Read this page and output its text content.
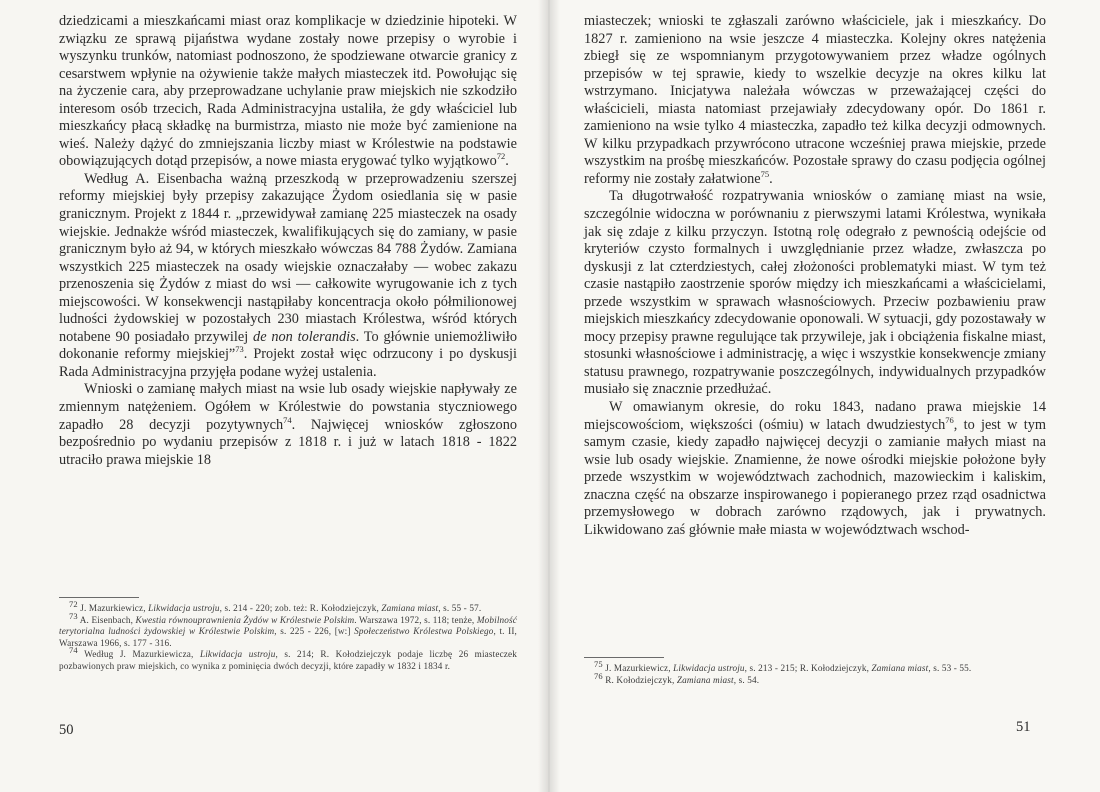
dziedzicami a mieszkańcami miast oraz komplikacje w dziedzinie hipoteki. W związku ze sprawą pijaństwa wydane zostały nowe przepisy o wyrobie i wyszynku trunków, natomiast podnoszono, że spodziewane otwarcie granicy z cesarstwem wpłynie na ożywienie także małych miasteczek itd. Powołując się na życzenie cara, aby przeprowadzane uchylanie praw miejskich nie szkodziło interesom osób trzecich, Rada Administracyjna ustaliła, że gdy właściciel lub mieszkańcy płacą składkę na burmistrza, miasto nie może być zamienione na wieś. Należy dążyć do zmniejszania liczby miast w Królestwie na podstawie obowiązujących dotąd przepisów, a nowe miasta erygować tylko wyjątkowo$^{72}$.

Według A. Eisenbacha ważną przeszkodą w przeprowadzeniu szerszej reformy miejskiej były przepisy zakazujące Żydom osiedlania się w pasie granicznym. Projekt z 1844 r. „przewidywał zamianę 225 miasteczek na osady wiejskie. Jednakże wśród miasteczek, kwalifikujących się do zamiany, w pasie granicznym było aż 94, w których mieszkało wówczas 84 788 Żydów. Zamiana wszystkich 225 miasteczek na osady wiejskie oznaczałaby — wobec zakazu przenoszenia się Żydów z miast do wsi — całkowite wyrugowanie ich z tych miejscowości. W konsekwencji nastąpiłaby koncentracja około półmilionowej ludności żydowskiej w pozostałych 230 miastach Królestwa, wśród których notabene 90 posiadało przywilej de non tolerandis. To głównie uniemożliwiło dokonanie reformy miejskiej”$^{73}$. Projekt został więc odrzucony i po dyskusji Rada Administracyjna przyjęła podane wyżej ustalenia.

Wnioski o zamianę małych miast na wsie lub osady wiejskie napływały ze zmiennym natężeniem. Ogółem w Królestwie do powstania styczniowego zapadło 28 decyzji pozytywnych$^{74}$. Najwięcej wniosków zgłoszono bezpośrednio po wydaniu przepisów z 1818 r. i już w latach 1818 - 1822 utraciło prawa miejskie 18

$^{72}$ J. Mazurkiewicz, Likwidacja ustroju, s. 214 - 220; zob. też: R. Kołodziejczyk, Zamiana miast, s. 55 - 57.

$^{73}$ A. Eisenbach, Kwestia równouprawnienia Żydów w Królestwie Polskim. Warszawa 1972, s. 118; tenże, Mobilność terytorialna ludności żydowskiej w Królestwie Polskim, s. 225 - 226, [w:] Społeczeństwo Królestwa Polskiego, t. II, Warszawa 1966, s. 177 - 316.

$^{74}$ Według J. Mazurkiewicza, Likwidacja ustroju, s. 214; R. Kołodziejczyk podaje liczbę 26 miasteczek pozbawionych praw miejskich, co wynika z pominięcia dwóch decyzji, które zapadły w 1832 i 1834 r.

50

miasteczek; wnioski te zgłaszali zarówno właściciele, jak i mieszkańcy. Do 1827 r. zamieniono na wsie jeszcze 4 miasteczka. Kolejny okres natężenia zbiegł się ze wspomnianym przygotowywaniem przez władze ogólnych przepisów w tej sprawie, kiedy to wszelkie decyzje na okres kilku lat wstrzymano. Inicjatywa należała wówczas w przeważającej części do właścicieli, miasta natomiast przejawiały zdecydowany opór. Do 1861 r. zamieniono na wsie tylko 4 miasteczka, zapadło też kilka decyzji odmownych. W kilku przypadkach przywrócono utracone wcześniej prawa miejskie, przede wszystkim na prośbę mieszkańców. Pozostałe sprawy do czasu podjęcia ogólnej reformy nie zostały załatwione$^{75}$.

Ta długotrwałość rozpatrywania wniosków o zamianę miast na wsie, szczególnie widoczna w porównaniu z pierwszymi latami Królestwa, wynikała jak się zdaje z kilku przyczyn. Istotną rolę odegrało z pewnością odejście od kryteriów czysto formalnych i uwzględnianie przez władze, zwłaszcza po dyskusji z lat czterdziestych, całej złożoności problematyki miast. W tym też czasie nastąpiło zaostrzenie sporów między ich mieszkańcami a właścicielami, przede wszystkim w sprawach własnościowych. Przeciw pozbawieniu praw miejskich mieszkańcy zdecydowanie oponowali. W sytuacji, gdy pozostawały w mocy przepisy prawne regulujące tak przywileje, jak i obciążenia fiskalne miast, stosunki własnościowe i administrację, a więc i wszystkie konsekwencje zmiany statusu prawnego, rozpatrywanie poszczególnych, indywidualnych przypadków musiało się znacznie przedłużać.

W omawianym okresie, do roku 1843, nadano prawa miejskie 14 miejscowościom, większości (ośmiu) w latach dwudziestych$^{76}$, to jest w tym samym czasie, kiedy zapadło najwięcej decyzji o zamianie małych miast na wsie lub osady wiejskie. Znamienne, że nowe ośrodki miejskie położone były przede wszystkim w województwach zachodnich, mazowieckim i kaliskim, znaczna część na obszarze inspirowanego i popieranego przez rząd osadnictwa przemysłowego w dobrach zarówno rządowych, jak i prywatnych. Likwidowano zaś głównie małe miasta w województwach wschod-

$^{75}$ J. Mazurkiewicz, Likwidacja ustroju, s. 213 - 215; R. Kołodziejczyk, Zamiana miast, s. 53 - 55.

$^{76}$ R. Kołodziejczyk, Zamiana miast, s. 54.

51
